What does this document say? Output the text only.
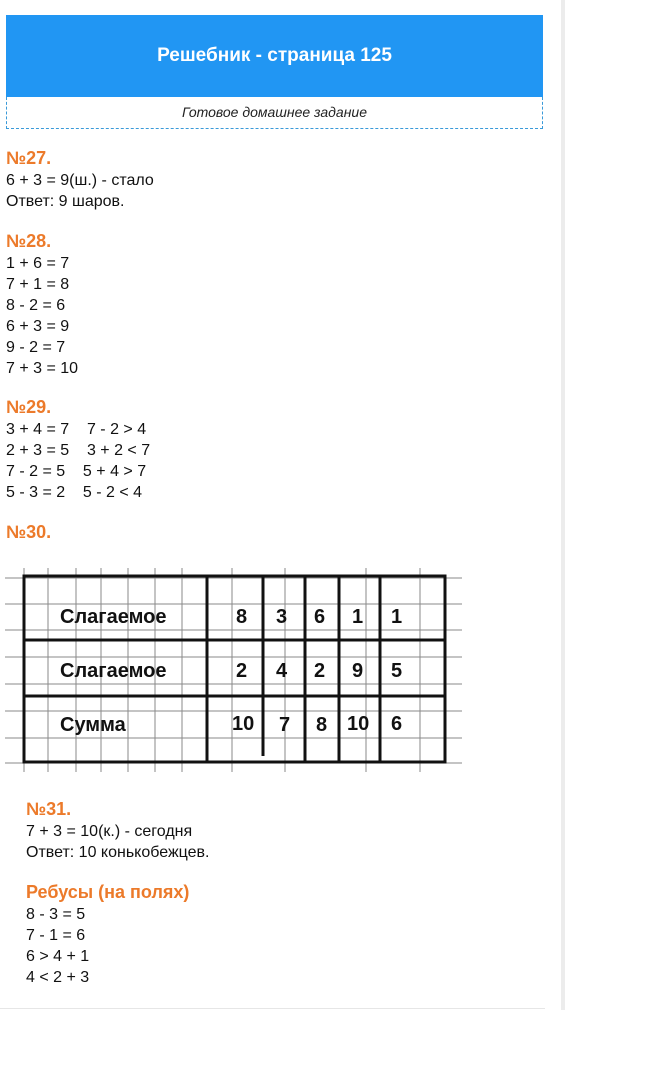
Решебник - страница 125
Готовое домашнее задание
№27.
6 + 3 = 9(ш.) - стало
Ответ: 9 шаров.
№28.
1 + 6 = 7
7 + 1 = 8
8 - 2 = 6
6 + 3 = 9
9 - 2 = 7
7 + 3 = 10
№29.
3 + 4 = 7    7 - 2 > 4
2 + 3 = 5    3 + 2 < 7
7 - 2 = 5    5 + 4 > 7
5 - 3 = 2    5 - 2 < 4
№30.
Слагаемое
Слагаемое
Сумма
8 3 6 1 1
2 4 2 9 5
10 7 8 10 6
№31.
7 + 3 = 10(к.) - сегодня
Ответ: 10 конькобежцев.
Ребусы (на полях)
8 - 3 = 5
7 - 1 = 6
6 > 4 + 1
4 < 2 + 3
